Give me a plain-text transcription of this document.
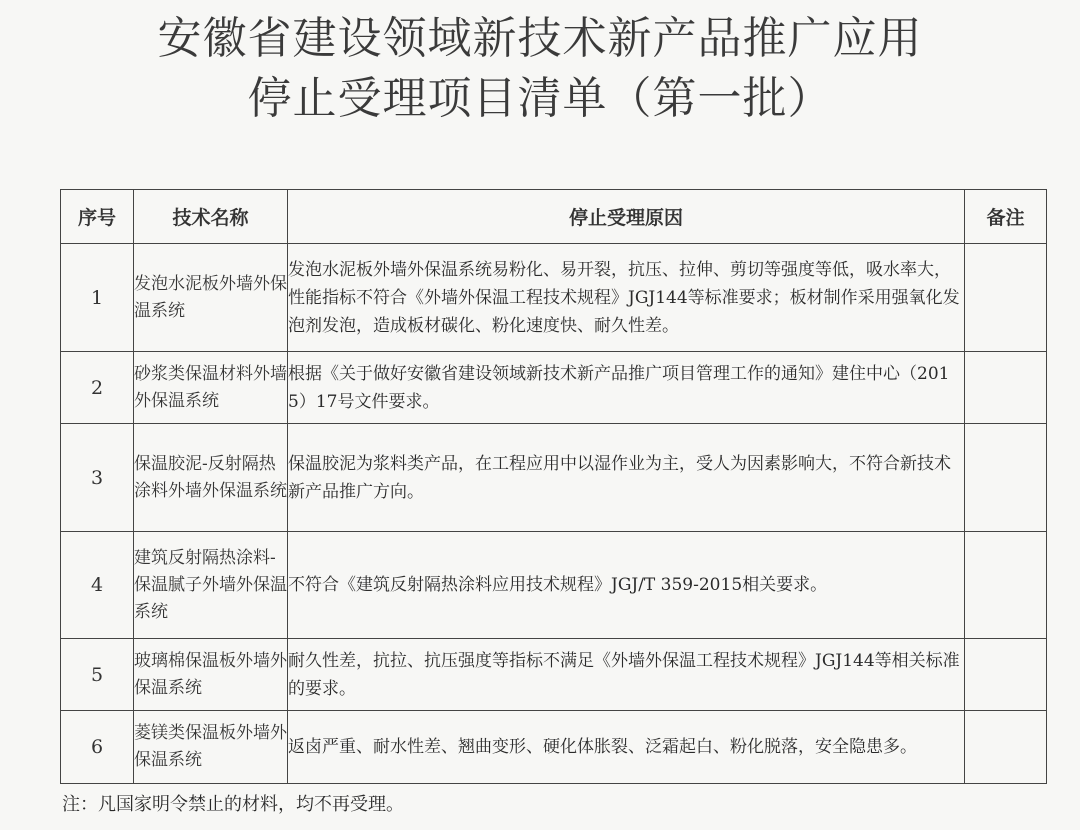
安徽省建设领域新技术新产品推广应用
停止受理项目清单（第一批）
序号	技术名称	停止受理原因	备注
1	发泡水泥板外墙外保温系统	发泡水泥板外墙外保温系统易粉化、易开裂，抗压、拉伸、剪切等强度等低，吸水率大，性能指标不符合《外墙外保温工程技术规程》JGJ144等标准要求；板材制作采用强氧化发泡剂发泡，造成板材碳化、粉化速度快、耐久性差。	
2	砂浆类保温材料外墙外保温系统	根据《关于做好安徽省建设领域新技术新产品推广项目管理工作的通知》建住中心（2015）17号文件要求。	
3	保温胶泥-反射隔热涂料外墙外保温系统	保温胶泥为浆料类产品，在工程应用中以湿作业为主，受人为因素影响大，不符合新技术新产品推广方向。	
4	建筑反射隔热涂料-保温腻子外墙外保温系统	不符合《建筑反射隔热涂料应用技术规程》JGJ/T 359-2015相关要求。	
5	玻璃棉保温板外墙外保温系统	耐久性差，抗拉、抗压强度等指标不满足《外墙外保温工程技术规程》JGJ144等相关标准的要求。	
6	菱镁类保温板外墙外保温系统	返卤严重、耐水性差、翘曲变形、硬化体胀裂、泛霜起白、粉化脱落，安全隐患多。	
注：凡国家明令禁止的材料，均不再受理。
